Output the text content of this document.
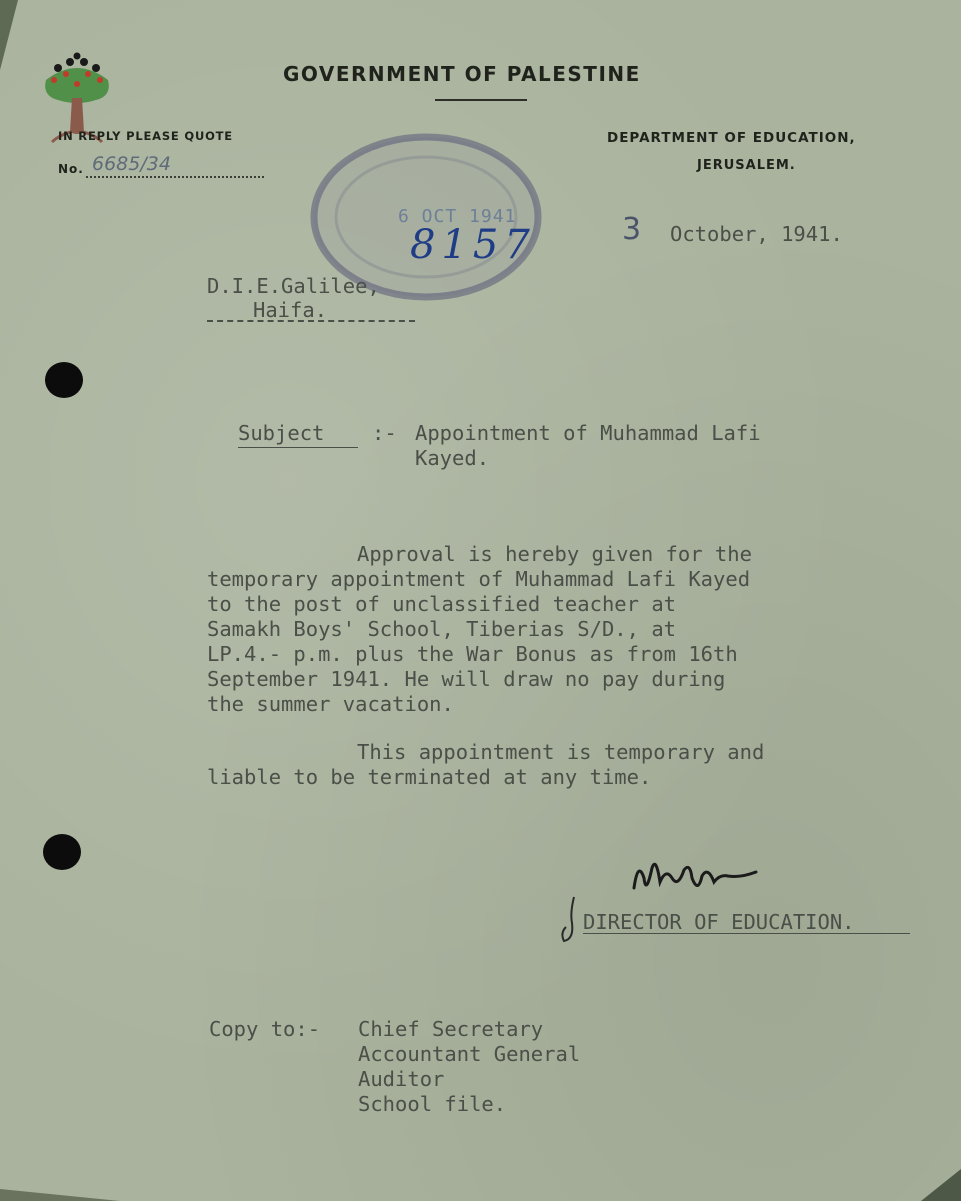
GOVERNMENT OF PALESTINE
IN REPLY PLEASE QUOTE
No. 6685/34
DEPARTMENT OF EDUCATION,
JERUSALEM.
6 OCT 1941
8157	3 October, 1941.
D.I.E.Galilee,
Haifa.
Subject :- Appointment of Muhammad Lafi
Kayed.
Approval is hereby given for the
temporary appointment of Muhammad Lafi Kayed
to the post of unclassified teacher at
Samakh Boys' School, Tiberias S/D., at
LP.4.- p.m. plus the War Bonus as from 16th
September 1941. He will draw no pay during
the summer vacation.
This appointment is temporary and
liable to be terminated at any time.
DIRECTOR OF EDUCATION.
Copy to:- Chief Secretary
Accountant General
Auditor
School file.
